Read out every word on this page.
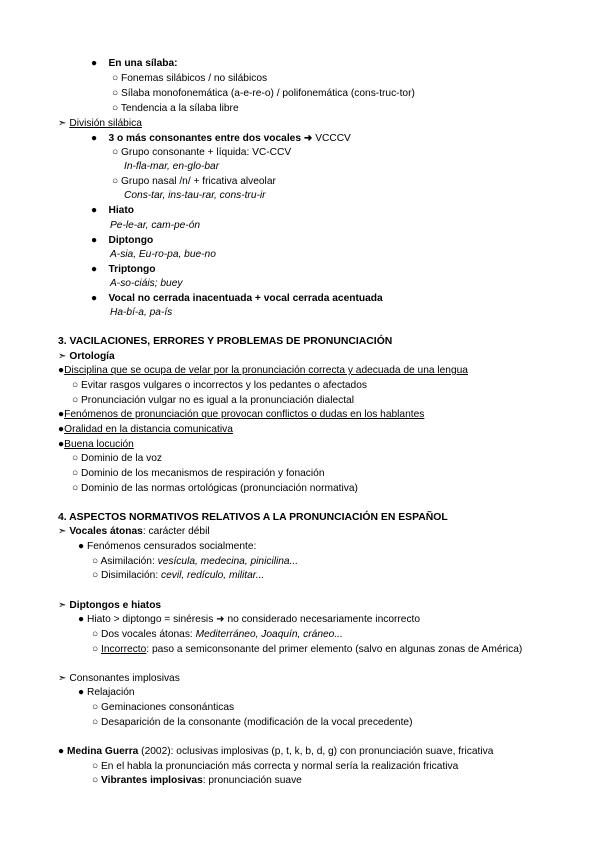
● En una sílaba:
○ Fonemas silábicos / no silábicos
○ Sílaba monofonemática (a-e-re-o) / polifonemática (cons-truc-tor)
○ Tendencia a la sílaba libre
➣ División silábica
● 3 o más consonantes entre dos vocales ➜ VCCCV
○ Grupo consonante + líquida: VC-CCV
In-fla-mar, en-glo-bar
○ Grupo nasal /n/ + fricativa alveolar
Cons-tar, ins-tau-rar, cons-tru-ir
● Hiato
Pe-le-ar, cam-pe-ón
● Diptongo
A-sia, Eu-ro-pa, bue-no
● Triptongo
A-so-ciáis; buey
● Vocal no cerrada inacentuada + vocal cerrada acentuada
Ha-bí-a, pa-ís
3. VACILACIONES, ERRORES Y PROBLEMAS DE PRONUNCIACIÓN
➣ Ortología
●Disciplina que se ocupa de velar por la pronunciación correcta y adecuada de una lengua
○ Evitar rasgos vulgares o incorrectos y los pedantes o afectados
○ Pronunciación vulgar no es igual a la pronunciación dialectal
●Fenómenos de pronunciación que provocan conflictos o dudas en los hablantes
●Oralidad en la distancia comunicativa
●Buena locución
○ Dominio de la voz
○ Dominio de los mecanismos de respiración y fonación
○ Dominio de las normas ortológicas (pronunciación normativa)
4. ASPECTOS NORMATIVOS RELATIVOS A LA PRONUNCIACIÓN EN ESPAÑOL
➣ Vocales átonas: carácter débil
● Fenómenos censurados socialmente:
○ Asimilación: vesícula, medecina, pinicilina...
○ Disimilación: cevil, redículo, militar...
➣ Diptongos e hiatos
● Hiato > diptongo = sinéresis ➜ no considerado necesariamente incorrecto
○ Dos vocales átonas: Mediterráneo, Joaquín, cráneo...
○ Incorrecto: paso a semiconsonante del primer elemento (salvo en algunas zonas de América)
➣ Consonantes implosivas
● Relajación
○ Geminaciones consonánticas
○ Desaparición de la consonante (modificación de la vocal precedente)
● Medina Guerra (2002): oclusivas implosivas (p, t, k, b, d, g) con pronunciación suave, fricativa
○ En el habla la pronunciación más correcta y normal sería la realización fricativa
○ Vibrantes implosivas: pronunciación suave
